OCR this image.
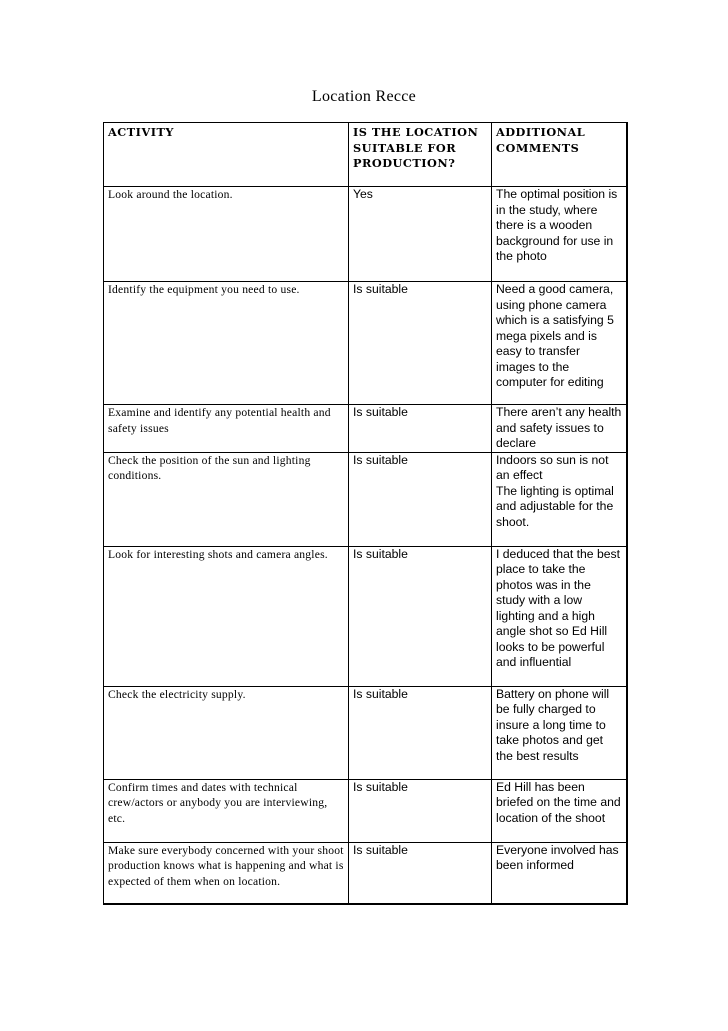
Location Recce
ACTIVITY	IS THE LOCATION SUITABLE FOR PRODUCTION?	ADDITIONAL COMMENTS
Look around the location.	Yes	The optimal position is in the study, where there is a wooden background for use in the photo
Identify the equipment you need to use.	Is suitable	Need a good camera, using phone camera which is a satisfying 5 mega pixels and is easy to transfer images to the computer for editing
Examine and identify any potential health and safety issues	Is suitable	There aren’t any health and safety issues to declare
Check the position of the sun and lighting conditions.	Is suitable	Indoors so sun is not an effect
The lighting is optimal and adjustable for the shoot.
Look for interesting shots and camera angles.	Is suitable	I deduced that the best place to take the photos was in the study with a low lighting and a high angle shot so Ed Hill looks to be powerful and influential
Check the electricity supply.	Is suitable	Battery on phone will be fully charged to insure a long time to take photos and get the best results
Confirm times and dates with technical crew/actors or anybody you are interviewing, etc.	Is suitable	Ed Hill has been briefed on the time and location of the shoot
Make sure everybody concerned with your shoot production knows what is happening and what is expected of them when on location.	Is suitable	Everyone involved has been informed
